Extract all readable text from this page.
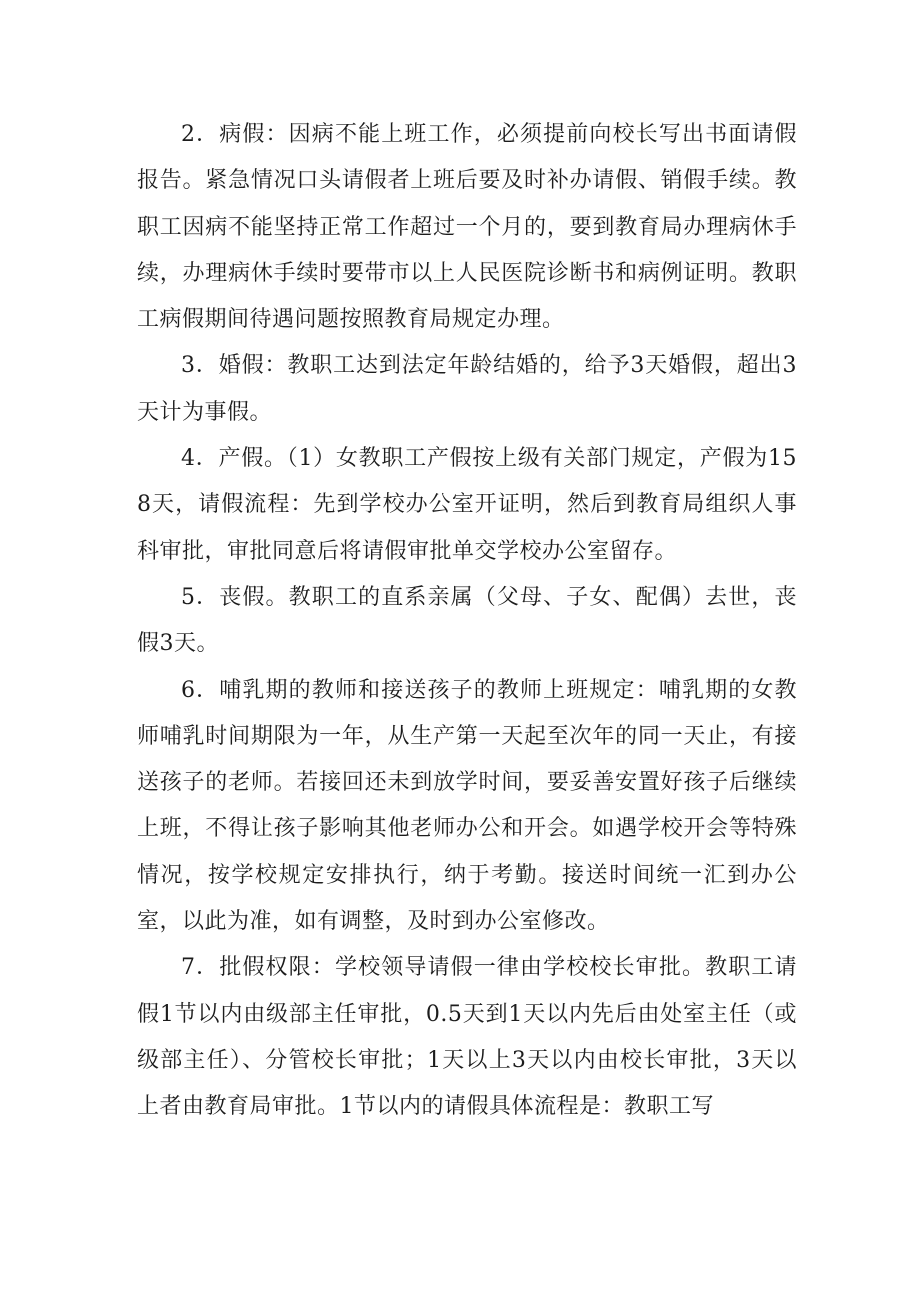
2．病假：因病不能上班工作，必须提前向校长写出书面请假报告。紧急情况口头请假者上班后要及时补办请假、销假手续。教职工因病不能坚持正常工作超过一个月的，要到教育局办理病休手续，办理病休手续时要带市以上人民医院诊断书和病例证明。教职工病假期间待遇问题按照教育局规定办理。

3．婚假：教职工达到法定年龄结婚的，给予3天婚假，超出3天计为事假。

4．产假。（1）女教职工产假按上级有关部门规定，产假为158天，请假流程：先到学校办公室开证明，然后到教育局组织人事科审批，审批同意后将请假审批单交学校办公室留存。

5．丧假。教职工的直系亲属（父母、子女、配偶）去世，丧假3天。

6．哺乳期的教师和接送孩子的教师上班规定：哺乳期的女教师哺乳时间期限为一年，从生产第一天起至次年的同一天止，有接送孩子的老师。若接回还未到放学时间，要妥善安置好孩子后继续上班，不得让孩子影响其他老师办公和开会。如遇学校开会等特殊情况，按学校规定安排执行，纳于考勤。接送时间统一汇到办公室，以此为准，如有调整，及时到办公室修改。

7．批假权限：学校领导请假一律由学校校长审批。教职工请假1节以内由级部主任审批，0.5天到1天以内先后由处室主任（或级部主任）、分管校长审批；1天以上3天以内由校长审批，3天以上者由教育局审批。1节以内的请假具体流程是：教职工写
